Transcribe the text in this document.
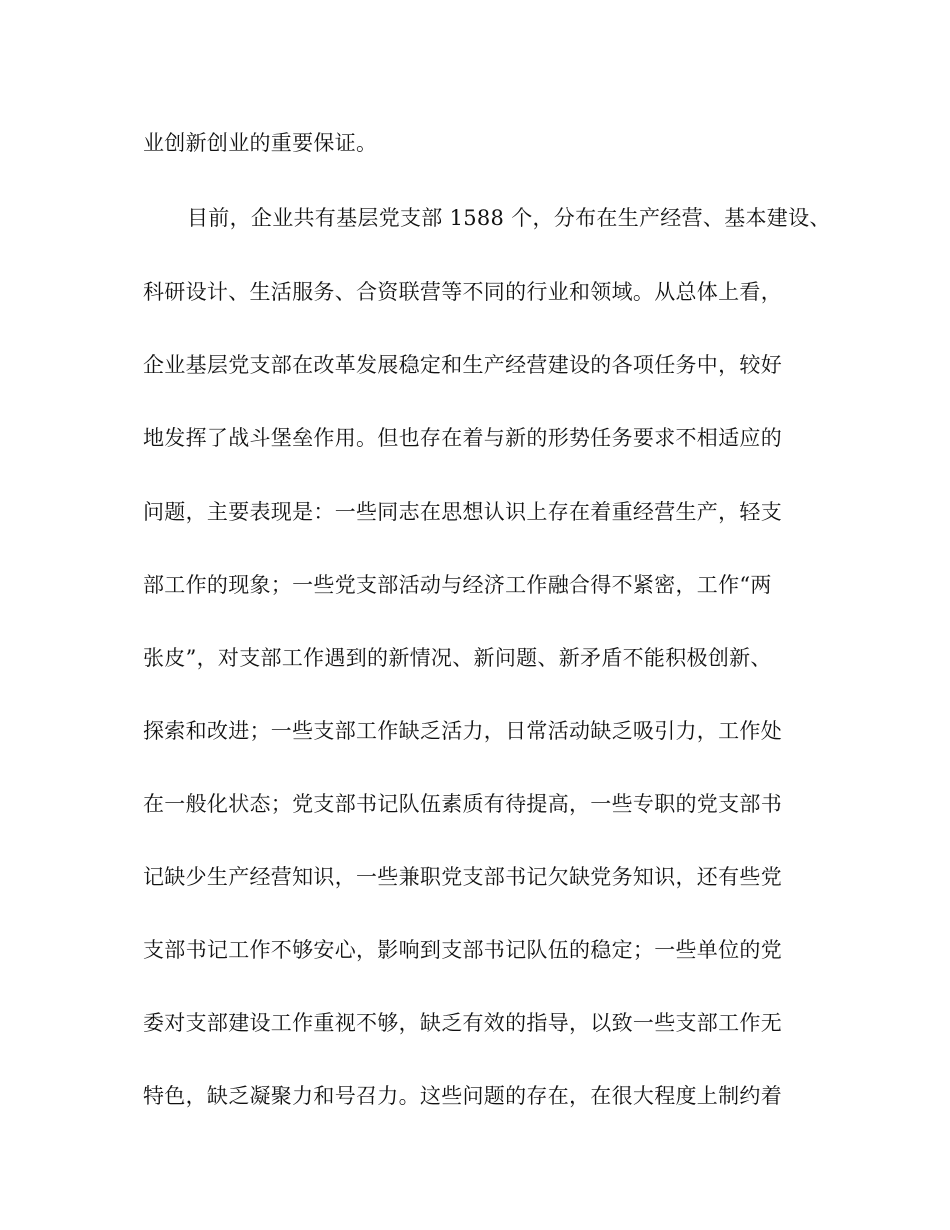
业创新创业的重要保证。
目前，企业共有基层党支部 1588 个，分布在生产经营、基本建设、
科研设计、生活服务、合资联营等不同的行业和领域。从总体上看，
企业基层党支部在改革发展稳定和生产经营建设的各项任务中，较好
地发挥了战斗堡垒作用。但也存在着与新的形势任务要求不相适应的
问题，主要表现是：一些同志在思想认识上存在着重经营生产，轻支
部工作的现象；一些党支部活动与经济工作融合得不紧密，工作“两
张皮”，对支部工作遇到的新情况、新问题、新矛盾不能积极创新、
探索和改进；一些支部工作缺乏活力，日常活动缺乏吸引力，工作处
在一般化状态；党支部书记队伍素质有待提高，一些专职的党支部书
记缺少生产经营知识，一些兼职党支部书记欠缺党务知识，还有些党
支部书记工作不够安心，影响到支部书记队伍的稳定；一些单位的党
委对支部建设工作重视不够，缺乏有效的指导，以致一些支部工作无
特色，缺乏凝聚力和号召力。这些问题的存在，在很大程度上制约着
